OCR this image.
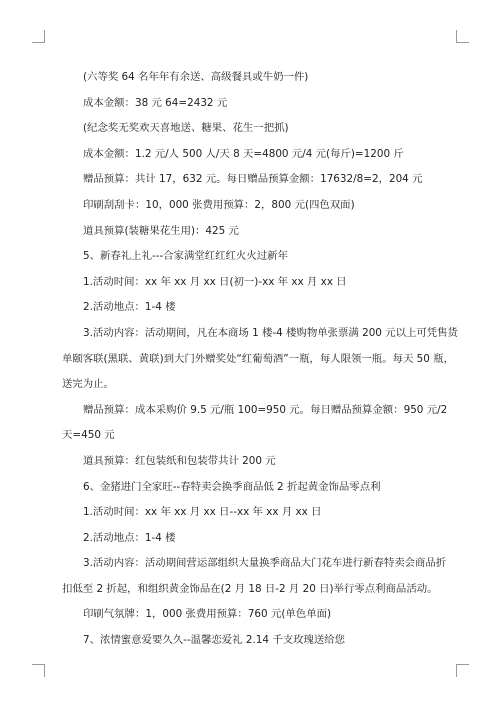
(六等奖 64 名年年有余送、高级餐具或牛奶一件)

成本金额：38 元 64=2432 元

(纪念奖无奖欢天喜地送、糖果、花生一把抓)

成本金额：1.2 元/人 500 人/天 8 天=4800 元/4 元(每斤)=1200 斤

赠品预算：共计 17，632 元。每日赠品预算金额：17632/8=2，204 元

印刷刮刮卡：10，000 张费用预算：2，800 元(四色双面)

道具预算(装糖果花生用)：425 元

5、新春礼上礼---合家满堂红红红火火过新年

1.活动时间：xx 年 xx 月 xx 日(初一)-xx 年 xx 月 xx 日

2.活动地点：1-4 楼

3.活动内容：活动期间，凡在本商场 1 楼-4 楼购物单张票满 200 元以上可凭售货
单颐客联(黑联、黄联)到大门外赠奖处“红葡萄酒”一瓶，每人限领一瓶。每天 50 瓶，
送完为止。
赠品预算：成本采购价 9.5 元/瓶 100=950 元。每日赠品预算金额：950 元/2
天=450 元

道具预算：红包装纸和包装带共计 200 元

6、金猪进门全家旺--春特卖会换季商品低 2 折起黄金饰品零点利

1.活动时间：xx 年 xx 月 xx 日--xx 年 xx 月 xx 日

2.活动地点：1-4 楼

3.活动内容：活动期间营运部组织大量换季商品大门花车进行新春特卖会商品折
扣低至 2 折起，和组织黄金饰品在(2 月 18 日-2 月 20 日)举行零点利商品活动。

印刷气氛牌：1，000 张费用预算：760 元(单色单面)

7、浓情蜜意爱要久久--温馨恋爱礼 2.14 千支玫瑰送给您
